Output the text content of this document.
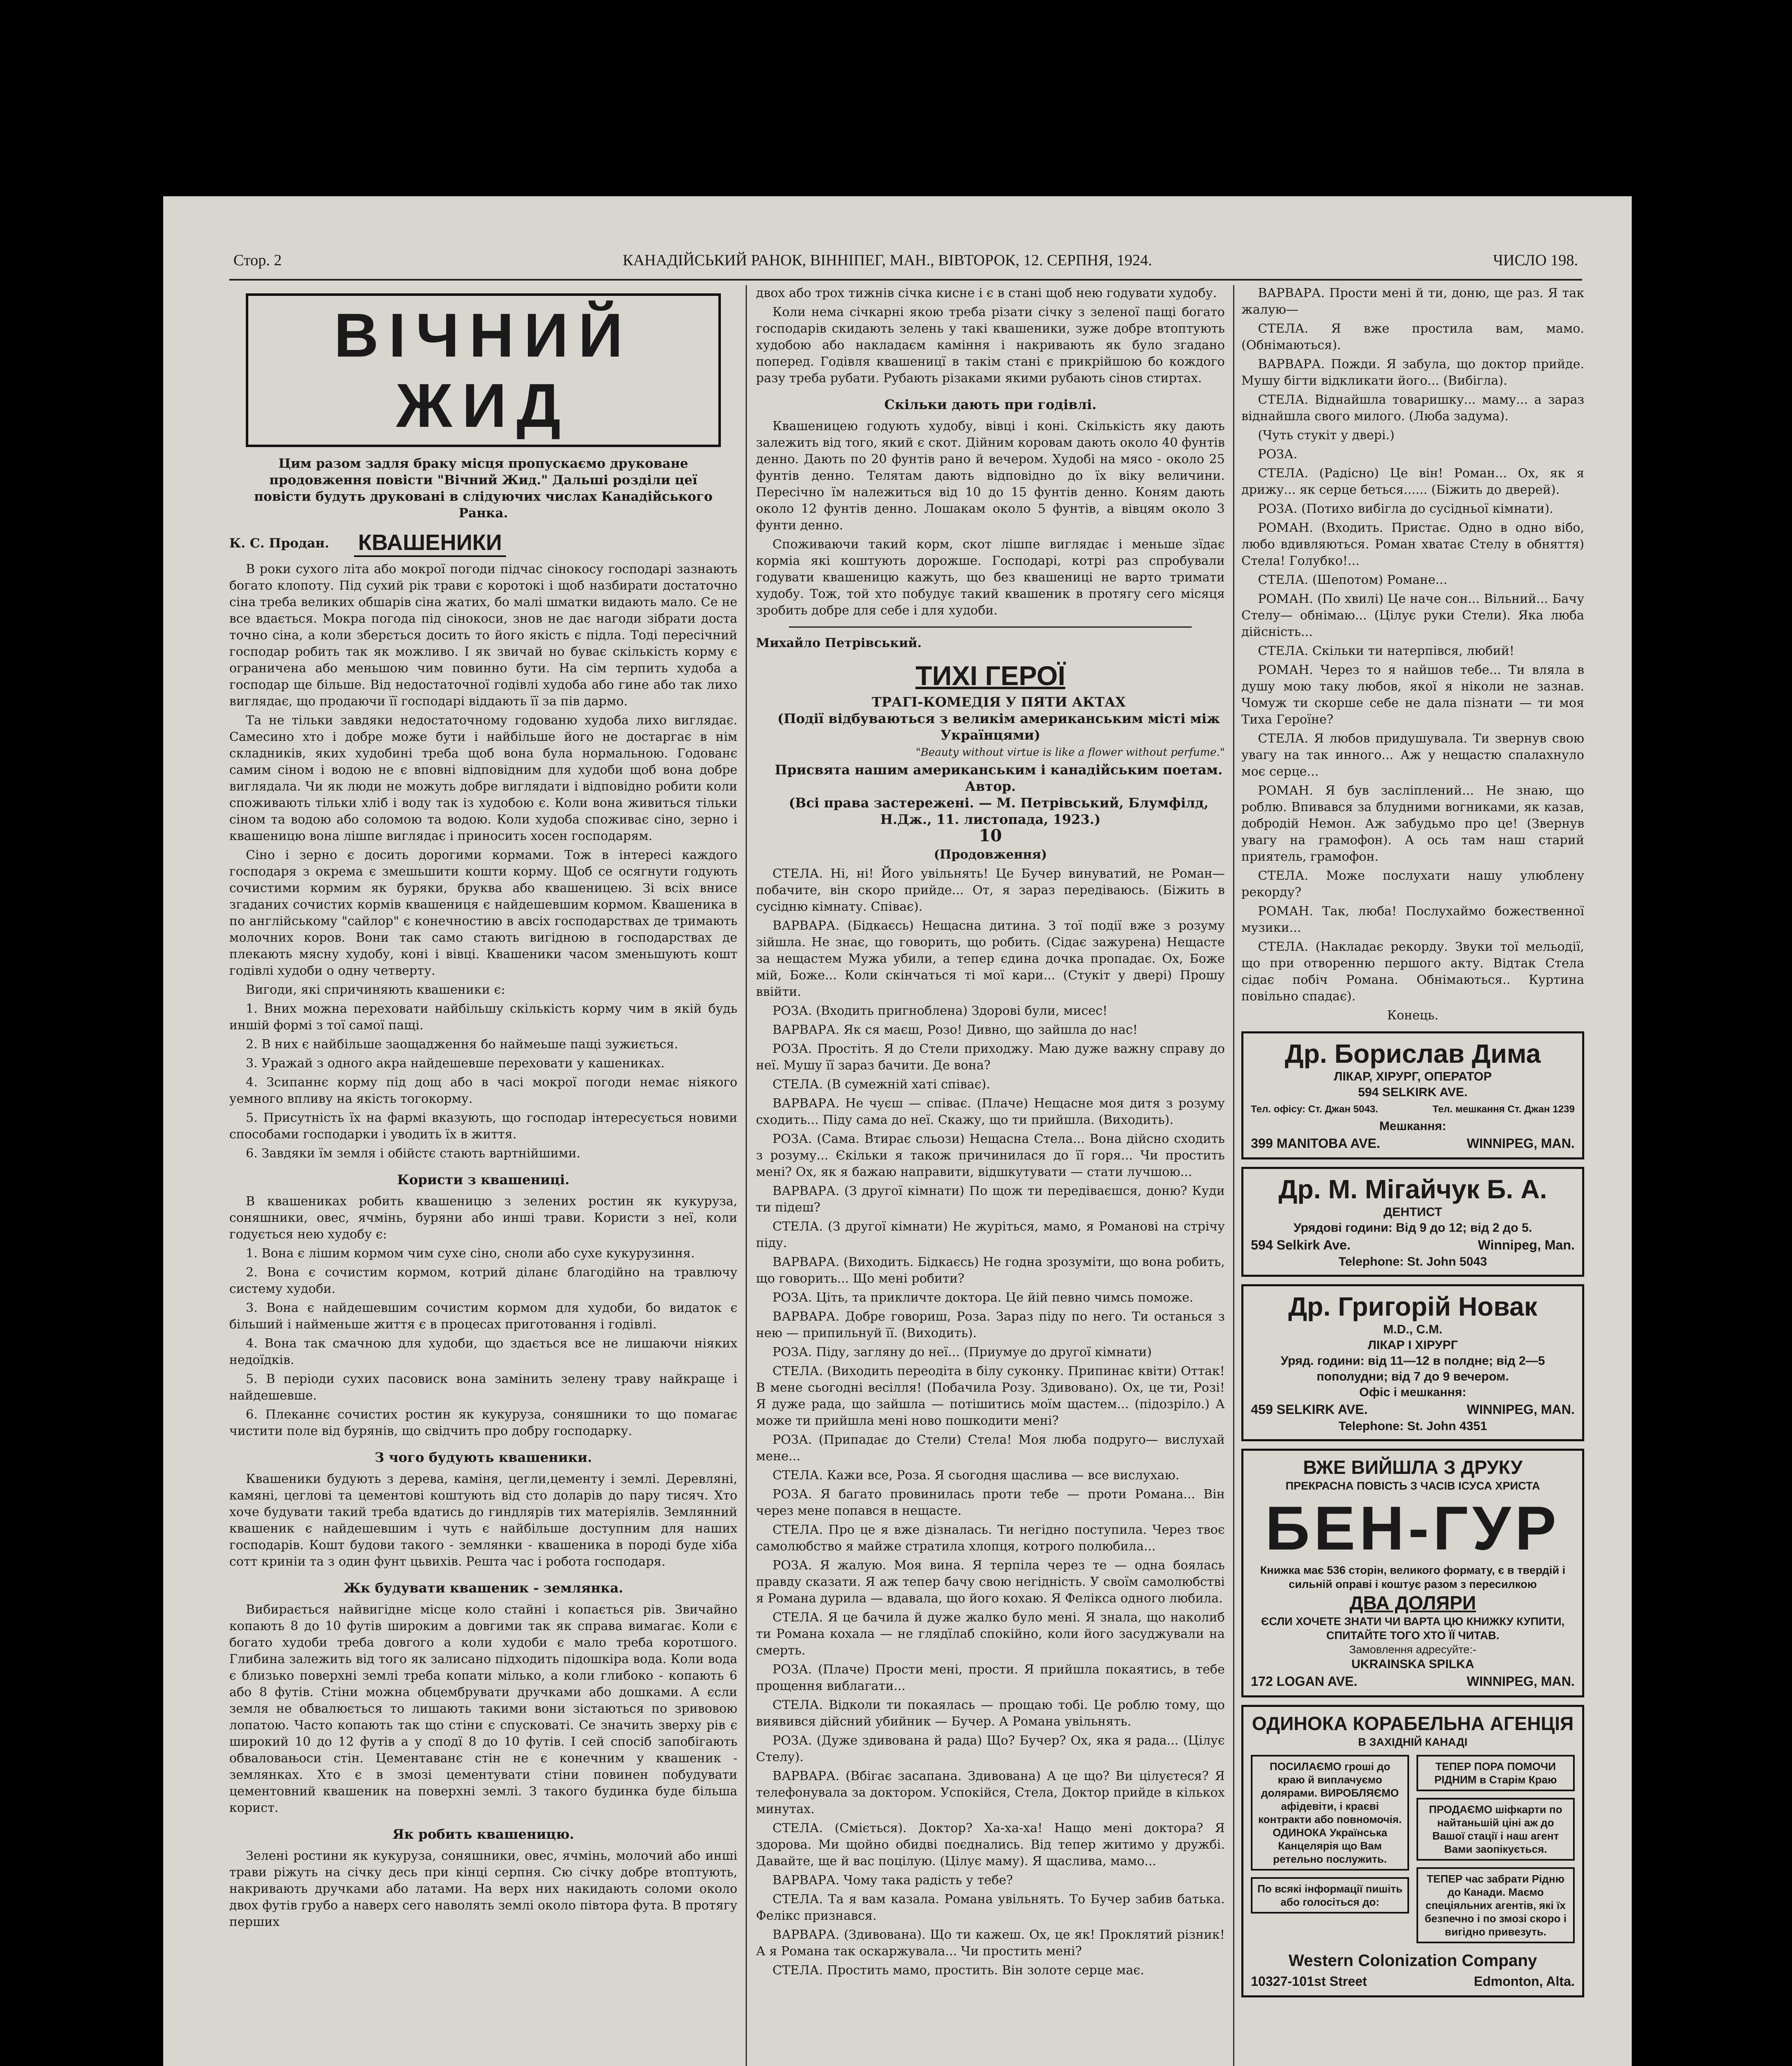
Стор. 2	КАНАДІЙСЬКИЙ РАНОК, ВІННІПЕГ, МАН., ВІВТОРОК, 12. СЕРПНЯ, 1924.	ЧИСЛО 198.
ВІЧНИЙ ЖИД

Цим разом задля браку місця пропускаємо друковане продовження повісти "Вічний Жид." Дальші розділи цеї повісти будуть друковані в слідуючих числах Канадійського Ранка.

К. С. Продан. КВАШЕНИКИ

В роки сухого літа або мокрої погоди підчас сінокосу господарі зазнають богато клопоту. Під сухий рік трави є коротокі і щоб назбирати достаточно сіна треба великих обшарів сіна жатих, бо малі шматки видають мало. Се не все вдається. Мокра погода під сінокоси, знов не дає нагоди зібрати доста точно сіна, а коли зберється досить то його якість є підла. Тоді пересічний господар робить так як можливо. І як звичай но буває скількість корму є ограничена або меньшою чим повинно бути. На сім терпить худоба а господар ще більше. Від недостаточної годівлі худоба або гине або так лихо виглядає, що продаючи її господарі віддають її за пів дармо.

Та не тільки завдяки недостаточному годованю худоба лихо виглядає. Самесино хто і добре може бути і найбільше його не достаргає в нім складників, яких худобині треба щоб вона була нормальною. Годованє самим сіном і водою не є вповні відповідним для худоби щоб вона добре виглядала. Чи як люди не можуть добре виглядати і відповідно робити коли споживають тільки хліб і воду так із худобою є. Коли вона живиться тільки сіном та водою або соломою та водою. Коли худоба споживає сіно, зерно і квашеницю вона лішпе виглядає і приносить хосен господарям.

Сіно і зерно є досить дорогими кормами. Тож в інтересі каждого господаря з окрема є змешьшити кошти корму. Щоб се осягнути годують сочистими кормим як буряки, бруква або квашеницею. Зі всіх внисе згаданих сочистих кормів квашениця є найдешевшим кормом. Квашеника в по англійському "сайлор" є конечностию в авсіх господарствах де тримають молочних коров. Вони так само стають вигідною в господарствах де плекають мясну худобу, коні і вівці. Квашеники часом зменьшують кошт годівлі худоби о одну четверту.

Вигоди, які спричиняють квашеники є:

1. Вних можна переховати найбільшу скількість корму чим в якій будь иншій формі з тої самої пащі.

2. В них є найбільше заощадження бо наймеьше пащі зужиється.

3. Уражай з одного акра найдешевше переховати у кашениках.

4. Зсипаннє корму під дощ або в часі мокрої погоди немає ніякого уемного впливу на якість тогокорму.

5. Присутність їх на фармі вказують, що господар інтересується новими способами господарки і уводить їх в життя.

6. Завдяки їм земля і обійстє стають вартнійшими.

Користи з квашениці.

В квашениках робить квашеницю з зелених ростин як кукуруза, соняшники, овес, ячмінь, буряни або инші трави. Користи з неї, коли годується нею худобу є:

1. Вона є лішим кормом чим сухе сіно, сноли або сухе кукурузиння.

2. Вона є сочистим кормом, котрий діланє благодійно на травлючу систему худоби.

3. Вона є найдешевшим сочистим кормом для худоби, бо видаток є більший і найменьше життя є в процесах приготовання і годівлі.

4. Вона так смачною для худоби, що здається все не лишаючи ніяких недоїдків.

5. В періоди сухих пасовиск вона замінить зелену траву найкраще і найдешевше.

6. Плеканнє сочистих ростин як кукуруза, соняшники то що помагає чистити поле від бурянів, що свідчить про добру господарку.

З чого будують квашеники.

Квашеники будують з дерева, каміня, цегли,цементу і землі. Деревляні, камяні, цеглові та цементові коштують від сто доларів до пару тисяч. Хто хоче будувати такий треба вдатись до гиндлярів тих матеріялів. Землянний квашеник є найдешевшим і чуть є найбільше доступним для наших господарів. Кошт будови такого - землянки - квашеника в породі буде хіба сотт криніи та з один фунт цьвихів. Решта час і робота господаря.

Жк будувати квашеник - землянка.

Вибирається найвигідне місце коло стайні і копається рів. Звичайно копають 8 до 10 футів широким а довгими так як справа вимагає. Коли є богато худоби треба довгого а коли худоби є мало треба коротшого. Глибина залежить від того як залисано підходить підошкіра вода. Коли вода є близько поверхні землі треба копати мілько, а коли глибоко - копають 6 або 8 футів. Стіни можна обцембрувати дручками або дошками. А єсли земля не обвалюється то лишають такими вони зістаються по зривовою лопатою. Часто копають так що стіни є спусковаті. Се значить зверху рів є широкий 10 до 12 футів а у сподї 8 до 10 футів. І сей спосіб запобігають обваловањоси стін. Цементаванє стін не є конечним у квашеник - землянках. Хто є в змозі цементувати стіни повинен побудувати цементовний квашеник на поверхні землі. З такого будинка буде більша корист.

Як робить квашеницю.

Зелені ростини як кукуруза, соняшники, овес, ячмінь, молочий або инші трави ріжуть на січку десь при кінці серпня. Сю січку добре втоптують, накривають дручками або латами. На верх них накидають соломи около двох футів грубо а наверх сего наволять землі около півтора фута. В протягу перших

двох або трох тижнів січка кисне і є в стані щоб нею годувати худобу.

Коли нема січкарні якою треба різати січку з зеленої пащі богато господарів скидають зелень у такі квашеники, зуже добре втоптують худобою або накладаєм каміння і накривають як було згадано поперед. Годівля квашеницї в такім стані є прикрійшою бо кождого разу треба рубати. Рубають різаками якими рубають сінов стиртах.

Скільки дають при годівлі.

Квашеницею годують худобу, вівці і коні. Скількість яку дають залежить від того, який є скот. Дійним коровам дають около 40 фунтів денно. Дають по 20 фунтів рано й вечером. Худобі на мясо - около 25 фунтів денно. Телятам дають відповідно до їх віку величини. Пересічно їм належиться від 10 до 15 фунтів денно. Коням дають около 12 фунтів денно. Лошакам около 5 фунтів, а вівцям около 3 фунти денно.

Споживаючи такий корм, скот лішпе виглядає і меньше зїдає корміа які коштують дорожше. Господарі, котрі раз спробували годувати квашеницю кажуть, що без квашениці не варто тримати худобу. Тож, той хто побудує такий квашеник в протягу сего місяця зробить добре для себе і для худоби.

Михайло Петрівський.

ТИХІ ГЕРОЇ

ТРАГІ-КОМЕДІЯ У ПЯТИ АКТАХ

(Події відбуваються з великім американським місті між Українцями)

"Beauty without virtue is like a flower without perfume."

Присвята нашим американським і канадійським поетам. Автор.

(Всі права застережені. — М. Петрівський, Блумфілд, Н.Дж., 11. листопада, 1923.)

10

(Продовження)

СТЕЛА. Ні, ні! Його увільнять! Це Бучер винуватий, не Роман— побачите, він скоро прийде... От, я зараз передіваюсь. (Біжить в сусідню кімнату. Співає).

ВАРВАРА. (Бідкаєсь) Нещасна дитина. З тої події вже з розуму зійшла. Не знає, що говорить, що робить. (Сідає зажурена) Нещасте за нещастем Мужа убили, а тепер єдина дочка пропадає. Ох, Боже мій, Боже... Коли скінчаться ті мої кари... (Стукіт у двері) Прошу ввійти.

РОЗА. (Входить пригноблена) Здорові були, мисес!

ВАРВАРА. Як ся маєш, Розо! Дивно, що зайшла до нас!

РОЗА. Простіть. Я до Стели приходжу. Маю дуже важну справу до неї. Мушу її зараз бачити. Де вона?

СТЕЛА. (В сумежній хаті співає).

ВАРВАРА. Не чуєш — співає. (Плаче) Нещасне моя дитя з розуму сходить... Піду сама до неї. Скажу, що ти прийшла. (Виходить).

РОЗА. (Сама. Втирає сльози) Нещасна Стела... Вона дійсно сходить з розуму... Єкільки я також причинилася до її горя... Чи простить мені? Ох, як я бажаю направити, відшкутувати — стати лучшою...

ВАРВАРА. (З другої кімнати) По щож ти передіваєшся, доню? Куди ти підеш?

СТЕЛА. (З другої кімнати) Не журіться, мамо, я Романові на стрічу піду.

ВАРВАРА. (Виходить. Бідкаєсь) Не годна зрозуміти, що вона робить, що говорить... Що мені робити?

РОЗА. Ціть, та прикличте доктора. Це йій певно чимсь поможе.

ВАРВАРА. Добре говориш, Роза. Зараз піду по него. Ти останься з нею — припильнуй її. (Виходить).

РОЗА. Піду, загляну до неї... (Приумуе до другої кімнати)

СТЕЛА. (Виходить переодіта в білу суконку. Припинає квіти) Оттак! В мене сьогодні весілля! (Побачила Розу. Здивовано). Ох, це ти, Розі! Я дуже рада, що зайшла — потішитись моїм щастем... (підозріло.) А може ти прийшла мені ново пошкодити мені?

РОЗА. (Припадає до Стели) Стела! Моя люба подруго— вислухай мене...

СТЕЛА. Кажи все, Роза. Я сьогодня щаслива — все вислухаю.

РОЗА. Я багато провинилась проти тебе — проти Романа... Він через мене попався в нещасте.

СТЕЛА. Про це я вже дізналась. Ти негідно поступила. Через твоє самолюбство я майже стратила хлопця, котрого полюбила...

РОЗА. Я жалую. Моя вина. Я терпіла через те — одна боялась правду сказати. Я аж тепер бачу свою негідність. У своїм самолюбстві я Романа дурила — вдавала, що його кохаю. Я Феліксa одного любила.

СТЕЛА. Я це бачила й дуже жалко було мені. Я знала, що наколиб ти Романа кохала — не глядїлаб спокійно, коли його засуджували на смерть.

РОЗА. (Плаче) Прости мені, прости. Я прийшла покаятись, в тебе прощення виблагати...

СТЕЛА. Відколи ти покаялась — прощаю тобі. Це роблю тому, що виявився дійсний убийник — Бучер. А Романа увільнять.

РОЗА. (Дуже здивована й рада) Що? Бучер? Ох, яка я рада... (Цілує Стелу).

ВАРВАРА. (Вбігає засапана. Здивована) А це що? Ви цілуєтеся? Я телефонувала за доктором. Успокійся, Стела, Доктор прийде в кількох минутах.

СТЕЛА. (Сміється). Доктор? Ха-ха-ха! Нащо мені доктора? Я здорова. Ми щойно обидві поєднались. Від тепер житимо у дружбі. Давайте, ще й вас поцілую. (Цілує маму). Я щаслива, мамо...

ВАРВАРА. Чому така радість у тебе?

СТЕЛА. Та я вам казала. Романа увільнять. То Бучер забив батька. Фелікс признався.

ВАРВАРА. (Здивована). Що ти кажеш. Ох, це як! Проклятий різник! А я Романа так оскаржувала... Чи простить мені?

СТЕЛА. Простить мамо, простить. Він золоте серце має.

ВАРВАРА. Прости мені й ти, доню, ще раз. Я так жалую—

СТЕЛА. Я вже простила вам, мамо. (Обнімаються).

ВАРВАРА. Пожди. Я забула, що доктор прийде. Мушу бігти відкликати його... (Вибігла).

СТЕЛА. Віднайшла товаришку... маму... а зараз віднайшла свого милого. (Люба задума).

(Чуть стукіт у двері.)

РОЗА.

СТЕЛА. (Радісно) Це він! Роман... Ох, як я дрижу... як серце беться...... (Біжить до дверей).

РОЗА. (Потихо вибігла до сусідньої кімнати).

РОМАН. (Входить. Пристає. Одно в одно вібо, любо вдивляються. Роман хватає Стелу в обняття) Стела! Голубко!...

СТЕЛА. (Шепотом) Романе...

РОМАН. (По хвилі) Це наче сон... Вільний... Бачу Стелу— обнімаю... (Цілує руки Стели). Яка люба дійсність...

СТЕЛА. Скільки ти натерпівся, любий!

РОМАН. Через то я найшов тебе... Ти вляла в душу мою таку любов, якої я ніколи не зазнав. Чомуж ти скорше себе не дала пізнати — ти моя Тиха Героїне?

СТЕЛА. Я любов придушувала. Ти звернув свою увагу на так инного... Аж у нещастю спалахнуло моє серце...

РОМАН. Я був засліплений... Не знаю, що роблю. Впивався за блудними вогниками, як казав, добродій Немон. Аж забудьмо про це! (Звернув увагу на грамофон). А ось там наш старий приятель, грамофон.

СТЕЛА. Може послухати нашу улюблену рекорду?

РОМАН. Так, люба! Послухаймо божественної музики...

СТЕЛА. (Накладає рекорду. Звуки тої мельодії, що при отворенню першого акту. Відтак Стела сідає побіч Романа. Обнімаються.. Куртина повільно спадає).

Конець.

Др. Борислав Дима
ЛІКАР, ХІРУРГ, ОПЕРАТОР
594 SELKIRK AVE.
Тел. офісу: Ст. Джан 5043.	Тел. мешкання Ст. Джан 1239
Мешкання:
399 MANITOBA AVE.	WINNIPEG, MAN.
Др. М. Мігайчук Б. А.
ДЕНТИСТ
Урядові години: Від 9 до 12; від 2 до 5.
594 Selkirk Ave.	Winnipeg, Man.
Telephone: St. John 5043
Др. Григорій Новак
M.D., C.M.
ЛІКАР І ХІРУРГ
Уряд. години: від 11—12 в полдне; від 2—5 пополудни; від 7 до 9 вечером.
Офіс і мешкання:
459 SELKIRK AVE.	WINNIPEG, MAN.
Telephone: St. John 4351
ВЖЕ ВИЙШЛА З ДРУКУ
ПРЕКРАСНА ПОВІСТЬ З ЧАСІВ ІСУСА ХРИСТА
БЕН-ГУР
Книжка має 536 сторін, великого формату, є в твердій і сильній оправі і коштує разом з пересилкою
ДВА ДОЛЯРИ
ЄСЛИ ХОЧЕТЕ ЗНАТИ ЧИ ВАРТА ЦЮ КНИЖКУ КУПИТИ, СПИТАЙТЕ ТОГО ХТО ЇЇ ЧИТАВ.
Замовлення адресуйте:-
UKRAINSKA SPILKA
172 LOGAN AVE.	WINNIPEG, MAN.
ОДИНОКА КОРАБЕЛЬНА АГЕНЦІЯ
В ЗАХІДНІЙ КАНАДІ
ПОСИЛАЄМО гроші до краю й виплачуємо долярами. ВИРОБЛЯЄМО афідевіти, і краєві контракти або повномочія. ОДИНОКА Українська Канцелярія що Вам ретельно послужить.
По всякі інформації пишіть або голосіться до:
ТЕПЕР ПОРА ПОМОЧИ РІДНИМ в Старім Краю
ПРОДАЄМО шіфкарти по найтаньшій ціні аж до Вашої стації і наш агент Вами заопікується.
ТЕПЕР час забрати Рідню до Канади. Маємо спеціяльних агентів, які їх безпечно і по змозі скоро і вигідно привезуть.
Western Colonization Company
10327-101st Street	Edmonton, Alta.
